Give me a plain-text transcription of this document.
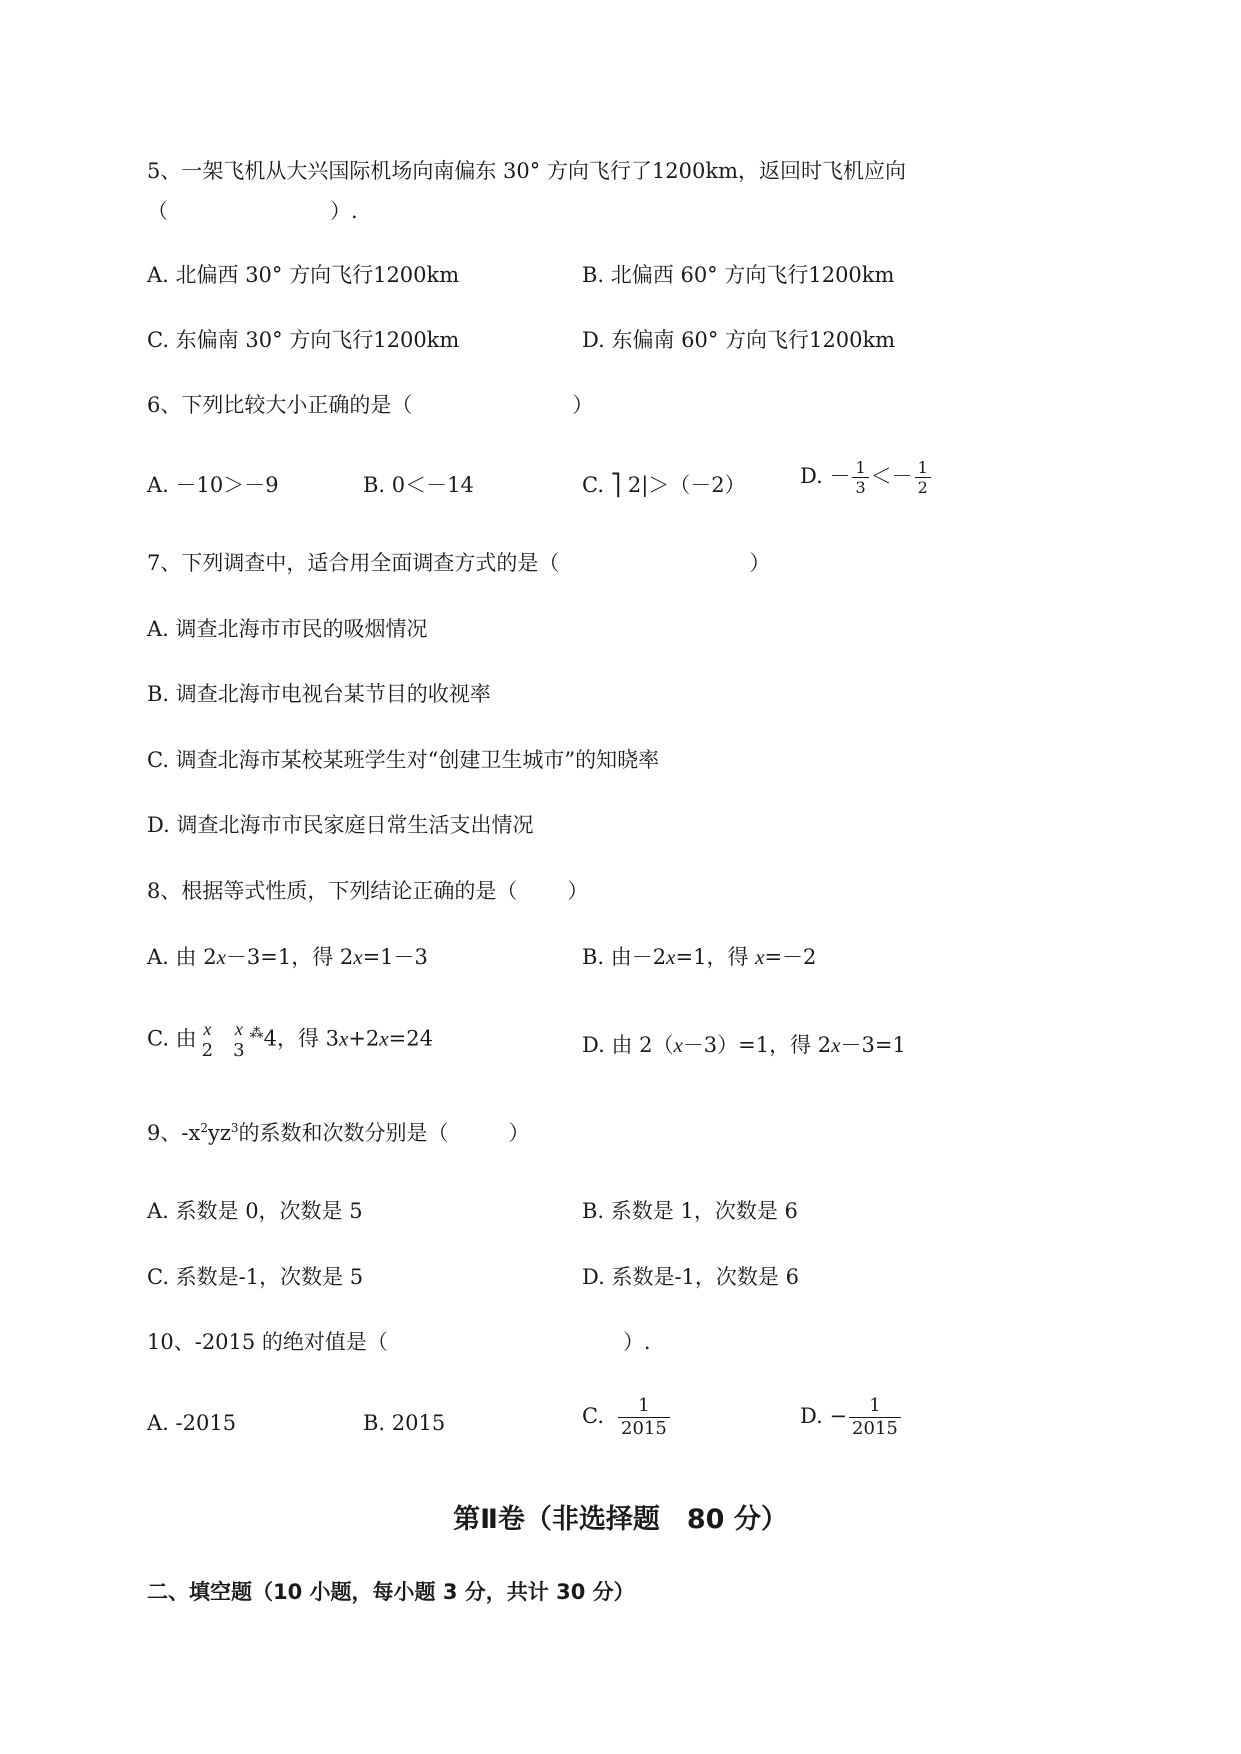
5、一架飞机从大兴国际机场向南偏东 30° 方向飞行了1200km，返回时飞机应向
（	）.
A. 北偏西 30° 方向飞行1200km	B. 北偏西 60° 方向飞行1200km
C. 东偏南 30° 方向飞行1200km	D. 东偏南 60° 方向飞行1200km
6、下列比较大小正确的是（	）
A. －10＞－9	B. 0＜－14	C. ⎤ 2|＞（－2）	D. － $\frac{1}{3} <- \frac{1}{2}$
7、下列调查中，适合用全面调查方式的是（	）
A. 调查北海市市民的吸烟情况
B. 调查北海市电视台某节目的收视率
C. 调查北海市某校某班学生对“创建卫生城市”的知晓率
D. 调查北海市市民家庭日常生活支出情况
8、根据等式性质，下列结论正确的是（ ）
A. 由 2x－3=1，得 2x=1－3	B. 由－2x=1，得 x=－2
C. 由 x
2
x
3
⁂4，得 3x+2x=24	D. 由 2（x－3）=1，得 2x－3=1
9、$-x^2yz^3$的系数和次数分别是（	）
A. 系数是 0，次数是 5	B. 系数是 1，次数是 6
C. 系数是-1，次数是 5	D. 系数是-1，次数是 6
10、-2015 的绝对值是（	）.
A. -2015	B. 2015	C. $\frac{1}{2015}$	D. − $\frac{1}{2015}$
第Ⅱ卷（非选择题　80 分）
二、填空题（10 小题，每小题 3 分，共计 30 分）
